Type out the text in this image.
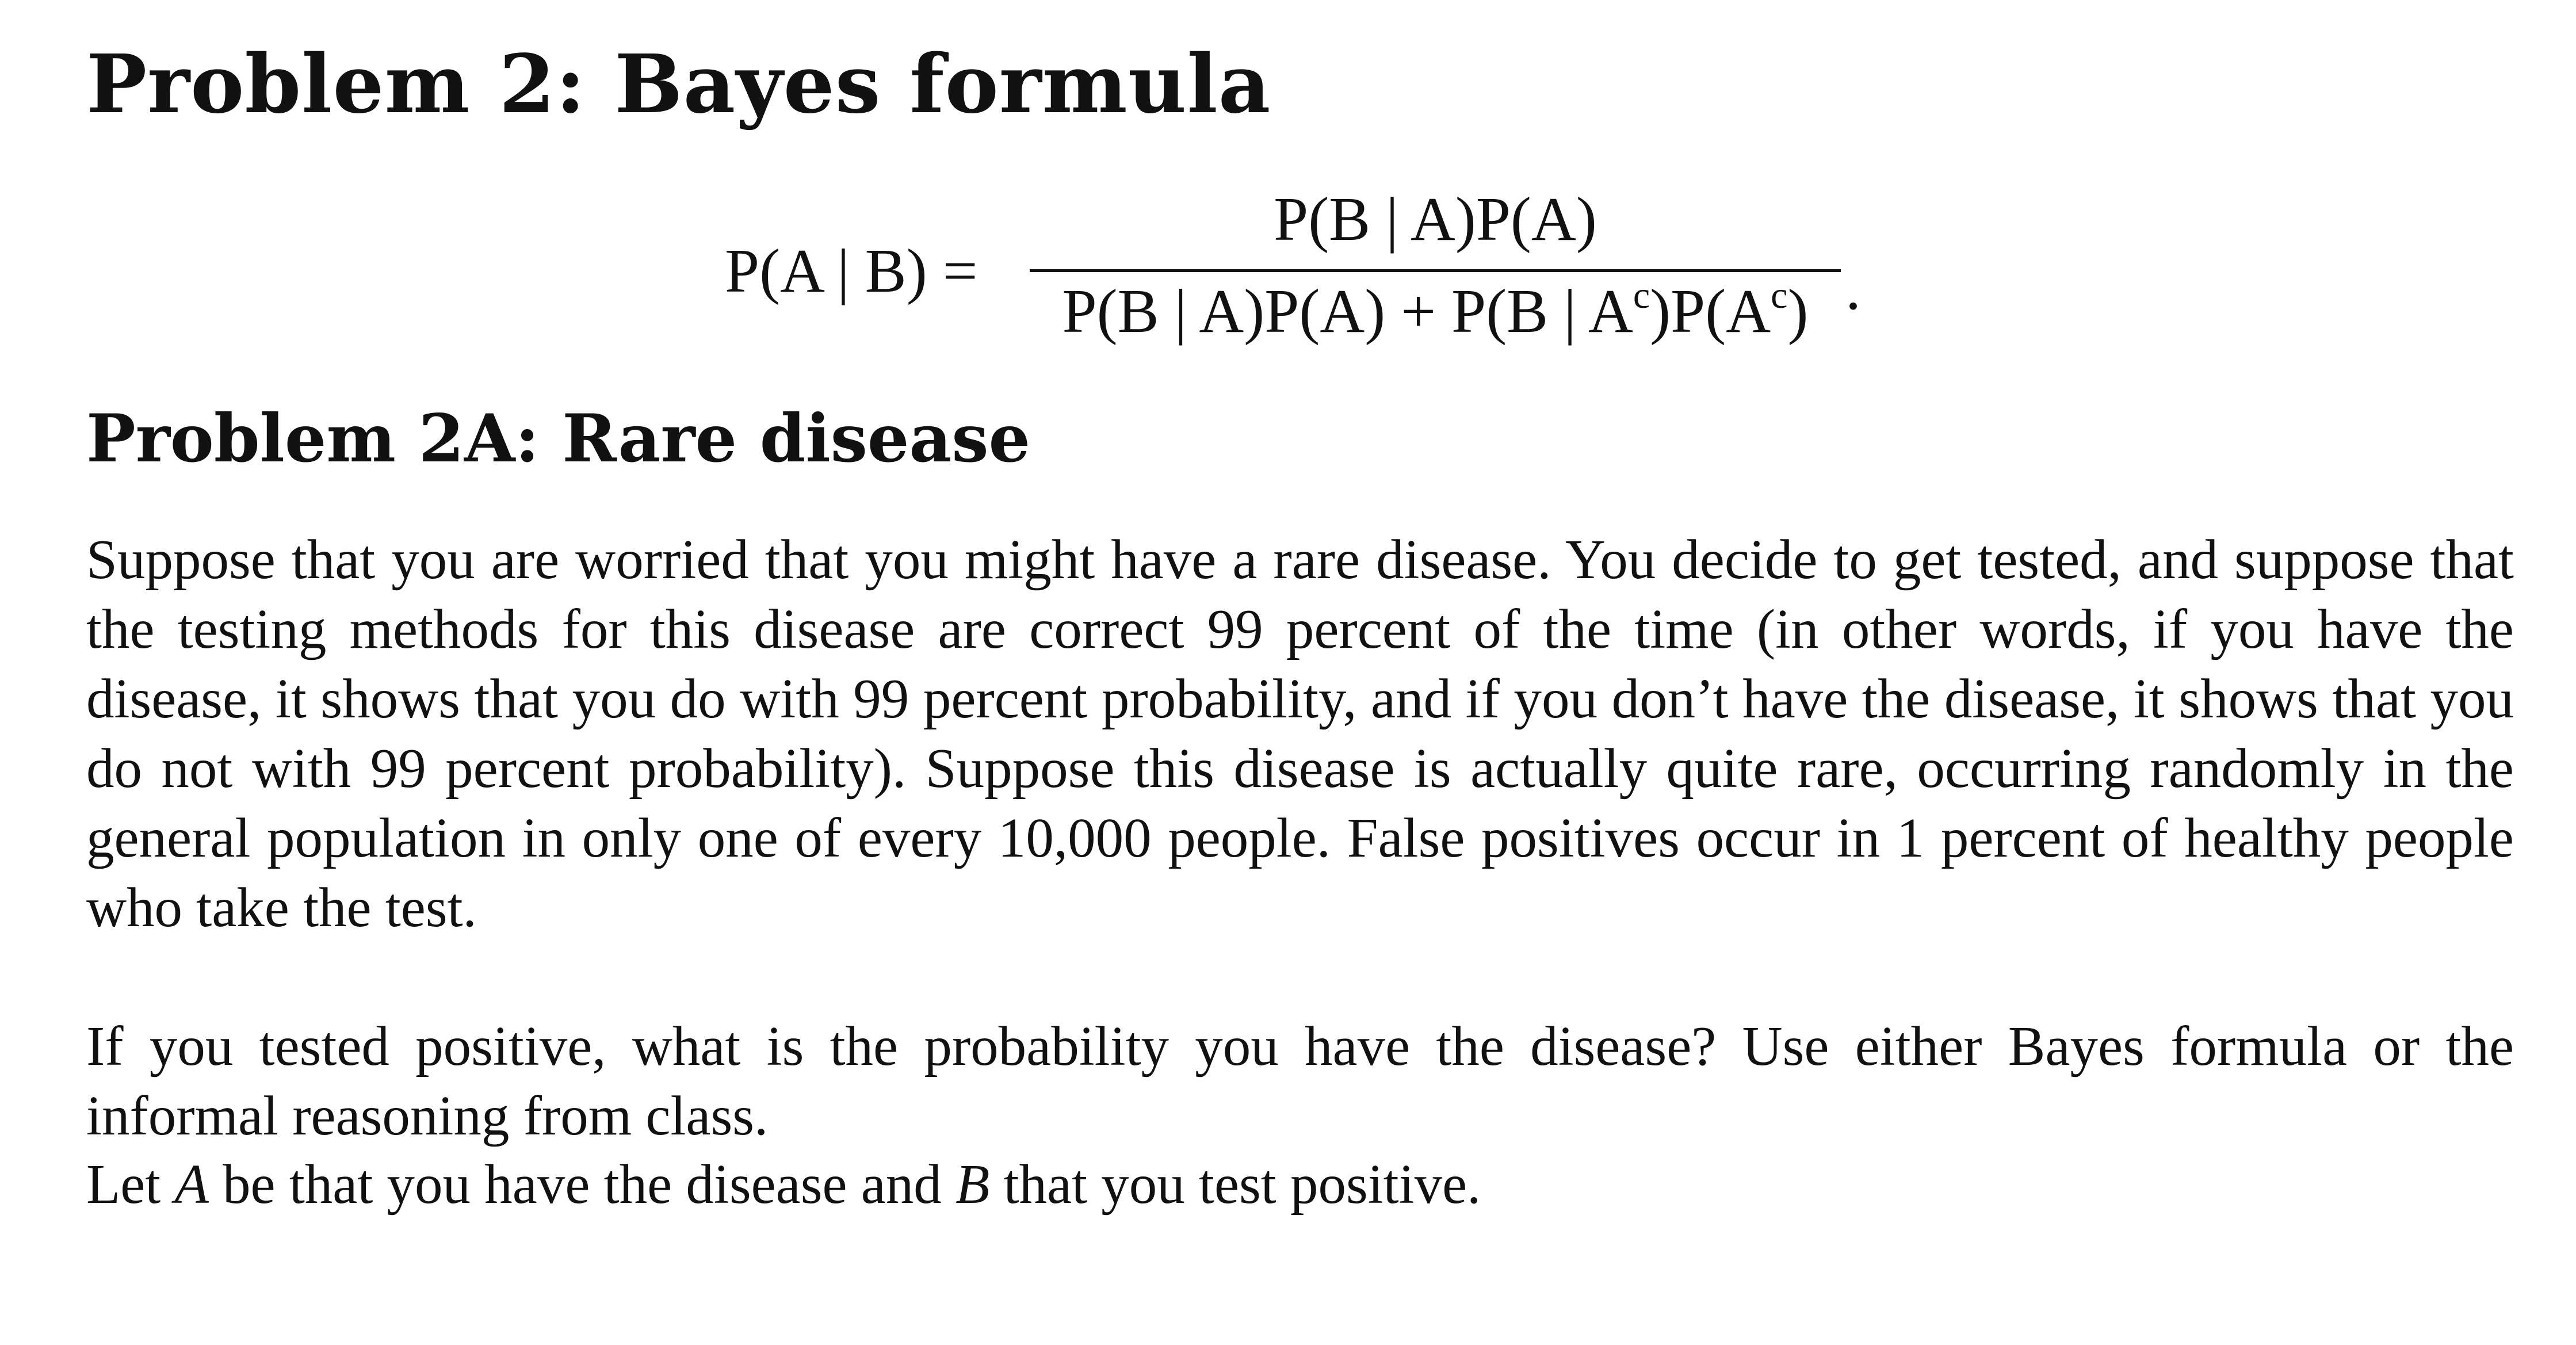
Problem 2: Bayes formula
P(A | B) =
P(B | A)P(A)
P(B | A)P(A) + P(B | $A^c)P(A^c)$ .
Problem 2A: Rare disease

Suppose that you are worried that you might have a rare disease. You decide to get tested, and suppose that the testing methods for this disease are correct 99 percent of the time (in other words, if you have the disease, it shows that you do with 99 percent probability, and if you don’t have the disease, it shows that you do not with 99 percent probability). Suppose this disease is actually quite rare, occurring randomly in the general population in only one of every 10,000 people. False positives occur in 1 percent of healthy people who take the test.

If you tested positive, what is the probability you have the disease? Use either Bayes formula or the informal reasoning from class.

Let A be that you have the disease and B that you test positive.
